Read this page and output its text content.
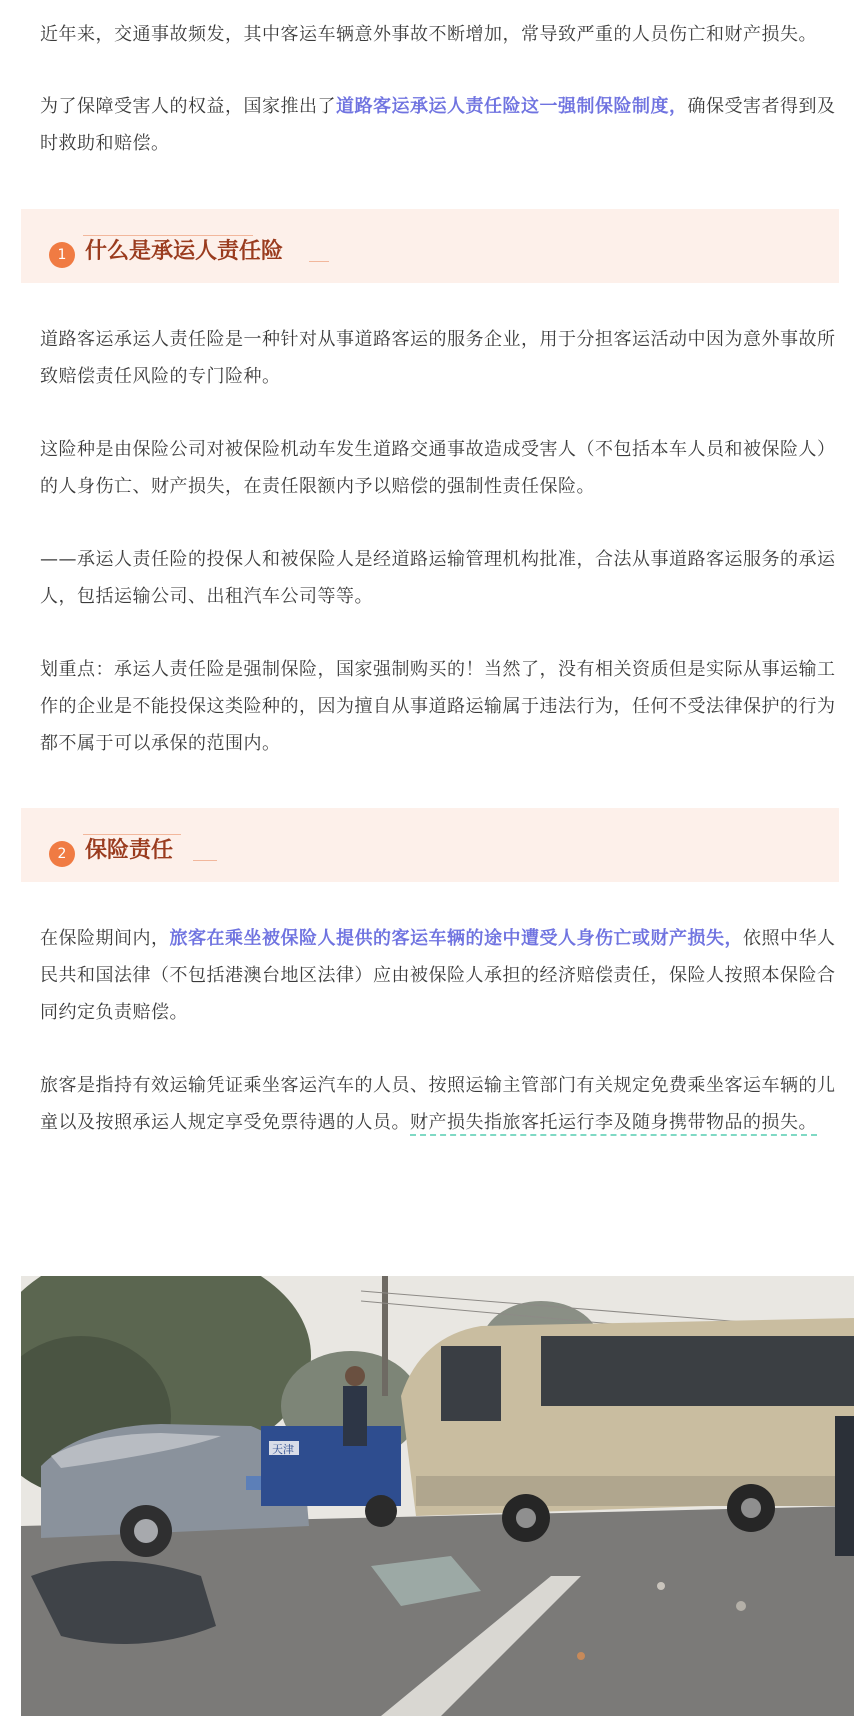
近年来，交通事故频发，其中客运车辆意外事故不断增加，常导致严重的人员伤亡和财产损失。

为了保障受害人的权益，国家推出了道路客运承运人责任险这一强制保险制度，确保受害者得到及时救助和赔偿。

1 什么是承运人责任险

道路客运承运人责任险是一种针对从事道路客运的服务企业，用于分担客运活动中因为意外事故所致赔偿责任风险的专门险种。

这险种是由保险公司对被保险机动车发生道路交通事故造成受害人（不包括本车人员和被保险人）的人身伤亡、财产损失，在责任限额内予以赔偿的强制性责任保险。

——承运人责任险的投保人和被保险人是经道路运输管理机构批准，合法从事道路客运服务的承运人，包括运输公司、出租汽车公司等等。

划重点：承运人责任险是强制保险，国家强制购买的！当然了，没有相关资质但是实际从事运输工作的企业是不能投保这类险种的，因为擅自从事道路运输属于违法行为，任何不受法律保护的行为都不属于可以承保的范围内。

2 保险责任

在保险期间内，旅客在乘坐被保险人提供的客运车辆的途中遭受人身伤亡或财产损失，依照中华人民共和国法律（不包括港澳台地区法律）应由被保险人承担的经济赔偿责任，保险人按照本保险合同约定负责赔偿。

旅客是指持有效运输凭证乘坐客运汽车的人员、按照运输主管部门有关规定免费乘坐客运车辆的儿童以及按照承运人规定享受免票待遇的人员。财产损失指旅客托运行李及随身携带物品的损失。

天津
